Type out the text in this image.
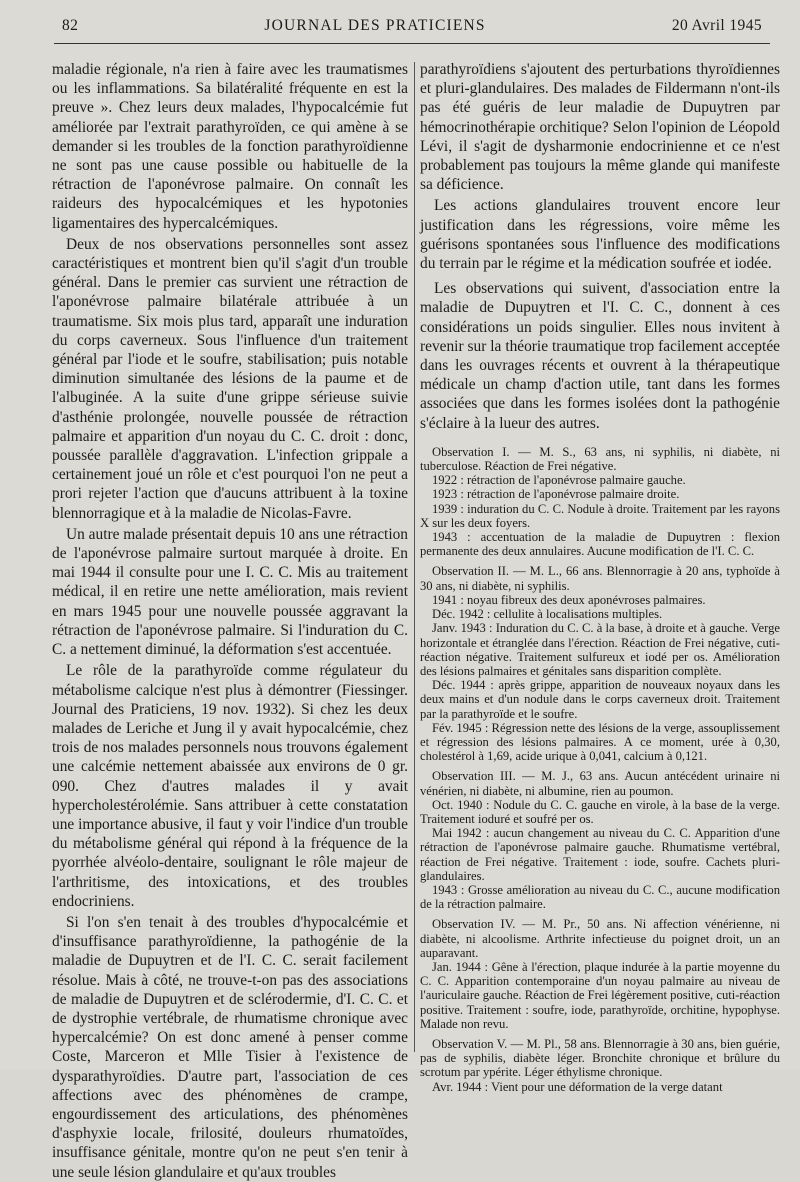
82	JOURNAL DES PRATICIENS	20 Avril 1945

maladie régionale, n'a rien à faire avec les traumatismes ou les inflammations. Sa bilatéralité fréquente en est la preuve ». Chez leurs deux malades, l'hypocalcémie fut améliorée par l'extrait parathyroïden, ce qui amène à se demander si les troubles de la fonction parathyroïdienne ne sont pas une cause possible ou habituelle de la rétraction de l'aponévrose palmaire. On connaît les raideurs des hypocalcémiques et les hypotonies ligamentaires des hypercalcémiques.

Deux de nos observations personnelles sont assez caractéristiques et montrent bien qu'il s'agit d'un trouble général. Dans le premier cas survient une rétraction de l'aponévrose palmaire bilatérale attribuée à un traumatisme. Six mois plus tard, apparaît une induration du corps caverneux. Sous l'influence d'un traitement général par l'iode et le soufre, stabilisation; puis notable diminution simultanée des lésions de la paume et de l'albuginée. A la suite d'une grippe sérieuse suivie d'asthénie prolongée, nouvelle poussée de rétraction palmaire et apparition d'un noyau du C. C. droit : donc, poussée parallèle d'aggravation. L'infection grippale a certainement joué un rôle et c'est pourquoi l'on ne peut a prori rejeter l'action que d'aucuns attribuent à la toxine blennorragique et à la maladie de Nicolas-Favre.

Un autre malade présentait depuis 10 ans une rétraction de l'aponévrose palmaire surtout marquée à droite. En mai 1944 il consulte pour une I. C. C. Mis au traitement médical, il en retire une nette amélioration, mais revient en mars 1945 pour une nouvelle poussée aggravant la rétraction de l'aponévrose palmaire. Si l'induration du C. C. a nettement diminué, la déformation s'est accentuée.

Le rôle de la parathyroïde comme régulateur du métabolisme calcique n'est plus à démontrer (Fiessinger. Journal des Praticiens, 19 nov. 1932). Si chez les deux malades de Leriche et Jung il y avait hypocalcémie, chez trois de nos malades personnels nous trouvons également une calcémie nettement abaissée aux environs de 0 gr. 090. Chez d'autres malades il y avait hypercholestérolémie. Sans attribuer à cette constatation une importance abusive, il faut y voir l'indice d'un trouble du métabolisme général qui répond à la fréquence de la pyorrhée alvéolo-dentaire, soulignant le rôle majeur de l'arthritisme, des intoxications, et des troubles endocriniens.

Si l'on s'en tenait à des troubles d'hypocalcémie et d'insuffisance parathyroïdienne, la pathogénie de la maladie de Dupuytren et de l'I. C. C. serait facilement résolue. Mais à côté, ne trouve-t-on pas des associations de maladie de Dupuytren et de sclérodermie, d'I. C. C. et de dystrophie vertébrale, de rhumatisme chronique avec hypercalcémie? On est donc amené à penser comme Coste, Marceron et Mlle Tisier à l'existence de dysparathyroïdies. D'autre part, l'association de ces affections avec des phénomènes de crampe, engourdissement des articulations, des phénomènes d'asphyxie locale, frilosité, douleurs rhumatoïdes, insuffisance génitale, montre qu'on ne peut s'en tenir à une seule lésion glandulaire et qu'aux troubles

parathyroïdiens s'ajoutent des perturbations thyroïdiennes et pluri-glandulaires. Des malades de Fildermann n'ont-ils pas été guéris de leur maladie de Dupuytren par hémocrinothérapie orchitique? Selon l'opinion de Léopold Lévi, il s'agit de dysharmonie endocrinienne et ce n'est probablement pas toujours la même glande qui manifeste sa déficience.

Les actions glandulaires trouvent encore leur justification dans les régressions, voire même les guérisons spontanées sous l'influence des modifications du terrain par le régime et la médication soufrée et iodée.

Les observations qui suivent, d'association entre la maladie de Dupuytren et l'I. C. C., donnent à ces considérations un poids singulier. Elles nous invitent à revenir sur la théorie traumatique trop facilement acceptée dans les ouvrages récents et ouvrent à la thérapeutique médicale un champ d'action utile, tant dans les formes associées que dans les formes isolées dont la pathogénie s'éclaire à la lueur des autres.

Observation I. — M. S., 63 ans, ni syphilis, ni diabète, ni tuberculose. Réaction de Frei négative.

1922 : rétraction de l'aponévrose palmaire gauche.

1923 : rétraction de l'aponévrose palmaire droite.

1939 : induration du C. C. Nodule à droite. Traitement par les rayons X sur les deux foyers.

1943 : accentuation de la maladie de Dupuytren : flexion permanente des deux annulaires. Aucune modification de l'I. C. C.

Observation II. — M. L., 66 ans. Blennorragie à 20 ans, typhoïde à 30 ans, ni diabète, ni syphilis.

1941 : noyau fibreux des deux aponévroses palmaires.

Déc. 1942 : cellulite à localisations multiples.

Janv. 1943 : Induration du C. C. à la base, à droite et à gauche. Verge horizontale et étranglée dans l'érection. Réaction de Frei négative, cuti-réaction négative. Traitement sulfureux et iodé per os. Amélioration des lésions palmaires et génitales sans disparition complète.

Déc. 1944 : après grippe, apparition de nouveaux noyaux dans les deux mains et d'un nodule dans le corps caverneux droit. Traitement par la parathyroïde et le soufre.

Fév. 1945 : Régression nette des lésions de la verge, assouplissement et régression des lésions palmaires. A ce moment, urée à 0,30, cholestérol à 1,69, acide urique à 0,041, calcium à 0,121.

Observation III. — M. J., 63 ans. Aucun antécédent urinaire ni vénérien, ni diabète, ni albumine, rien au poumon.

Oct. 1940 : Nodule du C. C. gauche en virole, à la base de la verge. Traitement ioduré et soufré per os.

Mai 1942 : aucun changement au niveau du C. C. Apparition d'une rétraction de l'aponévrose palmaire gauche. Rhumatisme vertébral, réaction de Frei négative. Traitement : iode, soufre. Cachets pluri-glandulaires.

1943 : Grosse amélioration au niveau du C. C., aucune modification de la rétraction palmaire.

Observation IV. — M. Pr., 50 ans. Ni affection vénérienne, ni diabète, ni alcoolisme. Arthrite infectieuse du poignet droit, un an auparavant.

Jan. 1944 : Gêne à l'érection, plaque indurée à la partie moyenne du C. C. Apparition contemporaine d'un noyau palmaire au niveau de l'auriculaire gauche. Réaction de Frei légèrement positive, cuti-réaction positive. Traitement : soufre, iode, parathyroïde, orchitine, hypophyse. Malade non revu.

Observation V. — M. Pl., 58 ans. Blennorragie à 30 ans, bien guérie, pas de syphilis, diabète léger. Bronchite chronique et brûlure du scrotum par ypérite. Léger éthylisme chronique.

Avr. 1944 : Vient pour une déformation de la verge datant
